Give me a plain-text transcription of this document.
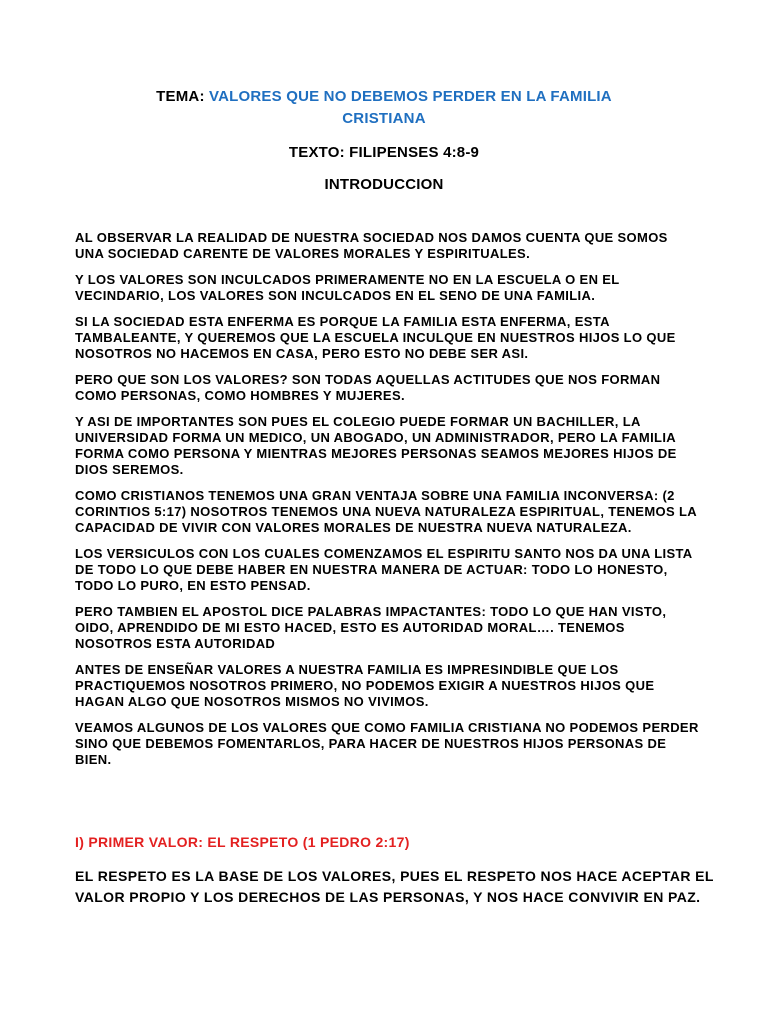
TEMA: VALORES QUE NO DEBEMOS PERDER EN LA FAMILIA
CRISTIANA
TEXTO: FILIPENSES 4:8-9
INTRODUCCION

AL OBSERVAR LA REALIDAD DE NUESTRA SOCIEDAD NOS DAMOS CUENTA QUE SOMOS UNA SOCIEDAD CARENTE DE VALORES MORALES Y ESPIRITUALES.

Y LOS VALORES SON INCULCADOS PRIMERAMENTE NO EN LA ESCUELA O EN EL VECINDARIO, LOS VALORES SON INCULCADOS EN EL SENO DE UNA FAMILIA.

SI LA SOCIEDAD ESTA ENFERMA ES PORQUE LA FAMILIA ESTA ENFERMA, ESTA TAMBALEANTE, Y QUEREMOS QUE LA ESCUELA INCULQUE EN NUESTROS HIJOS LO QUE NOSOTROS NO HACEMOS EN CASA, PERO ESTO NO DEBE SER ASI.

PERO QUE SON LOS VALORES? SON TODAS AQUELLAS ACTITUDES QUE NOS FORMAN COMO PERSONAS, COMO HOMBRES Y MUJERES.

Y ASI DE IMPORTANTES SON PUES EL COLEGIO PUEDE FORMAR UN BACHILLER, LA UNIVERSIDAD FORMA UN MEDICO, UN ABOGADO, UN ADMINISTRADOR, PERO LA FAMILIA FORMA COMO PERSONA Y MIENTRAS MEJORES PERSONAS SEAMOS MEJORES HIJOS DE DIOS SEREMOS.

COMO CRISTIANOS TENEMOS UNA GRAN VENTAJA SOBRE UNA FAMILIA INCONVERSA: (2 CORINTIOS 5:17) NOSOTROS TENEMOS UNA NUEVA NATURALEZA ESPIRITUAL, TENEMOS LA CAPACIDAD DE VIVIR CON VALORES MORALES DE NUESTRA NUEVA NATURALEZA.

LOS VERSICULOS CON LOS CUALES COMENZAMOS EL ESPIRITU SANTO NOS DA UNA LISTA DE TODO LO QUE DEBE HABER EN NUESTRA MANERA DE ACTUAR: TODO LO HONESTO, TODO LO PURO, EN ESTO PENSAD.

PERO TAMBIEN EL APOSTOL DICE PALABRAS IMPACTANTES: TODO LO QUE HAN VISTO, OIDO, APRENDIDO DE MI ESTO HACED, ESTO ES AUTORIDAD MORAL…. TENEMOS NOSOTROS ESTA AUTORIDAD

ANTES DE ENSEÑAR VALORES A NUESTRA FAMILIA ES IMPRESINDIBLE QUE LOS PRACTIQUEMOS NOSOTROS PRIMERO, NO PODEMOS EXIGIR A NUESTROS HIJOS QUE HAGAN ALGO QUE NOSOTROS MISMOS NO VIVIMOS.

VEAMOS ALGUNOS DE LOS VALORES QUE COMO FAMILIA CRISTIANA NO PODEMOS PERDER SINO QUE DEBEMOS FOMENTARLOS, PARA HACER DE NUESTROS HIJOS PERSONAS DE BIEN.

I) PRIMER VALOR: EL RESPETO (1 PEDRO 2:17)
EL RESPETO ES LA BASE DE LOS VALORES, PUES EL RESPETO NOS HACE ACEPTAR EL VALOR PROPIO Y LOS DERECHOS DE LAS PERSONAS, Y NOS HACE CONVIVIR EN PAZ.
